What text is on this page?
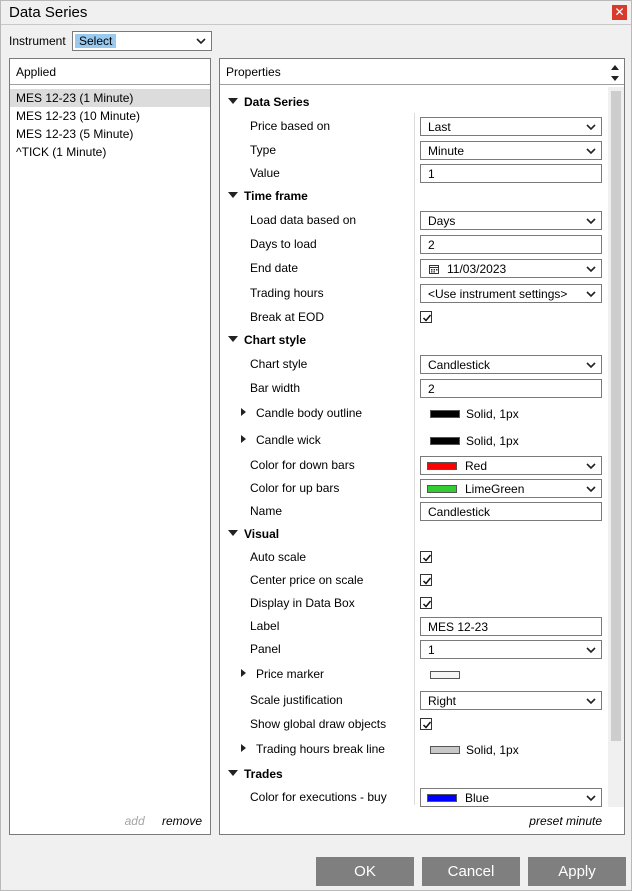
Data Series	✕
Instrument	Select
Applied
MES 12-23 (1 Minute)
MES 12-23 (10 Minute)
MES 12-23 (5 Minute)
^TICK (1 Minute)
add remove
Properties
Data Series
Price based on	Last
Type	Minute
Value	1
Time frame
Load data based on	Days
Days to load	2
End date	11/03/2023
Trading hours	<Use instrument settings>
Break at EOD
Chart style
Chart style	Candlestick
Bar width	2
Candle body outline	Solid, 1px
Candle wick	Solid, 1px
Color for down bars	Red
Color for up bars	LimeGreen
Name	Candlestick
Visual
Auto scale
Center price on scale
Display in Data Box
Label	MES 12-23
Panel	1
Price marker
Scale justification	Right
Show global draw objects
Trading hours break line	Solid, 1px
Trades
Color for executions - buy	Blue
preset minute
OK	Cancel	Apply
